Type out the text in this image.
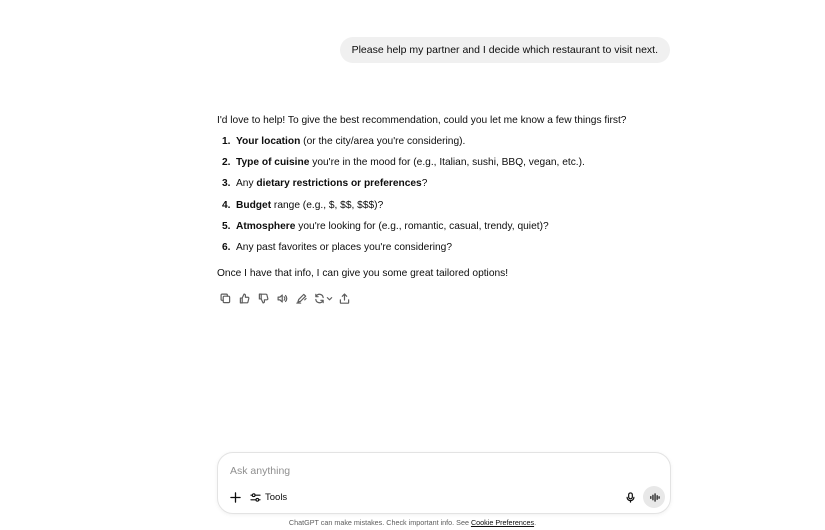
Please help my partner and I decide which restaurant to visit next.

I'd love to help! To give the best recommendation, could you let me know a few things first?

1. Your location (or the city/area you're considering).
2. Type of cuisine you're in the mood for (e.g., Italian, sushi, BBQ, vegan, etc.).
3. Any dietary restrictions or preferences?
4. Budget range (e.g., $, $$, $$$)?
5. Atmosphere you're looking for (e.g., romantic, casual, trendy, quiet)?
6. Any past favorites or places you're considering?

Once I have that info, I can give you some great tailored options!

Ask anything
Tools
ChatGPT can make mistakes. Check important info. See Cookie Preferences.
